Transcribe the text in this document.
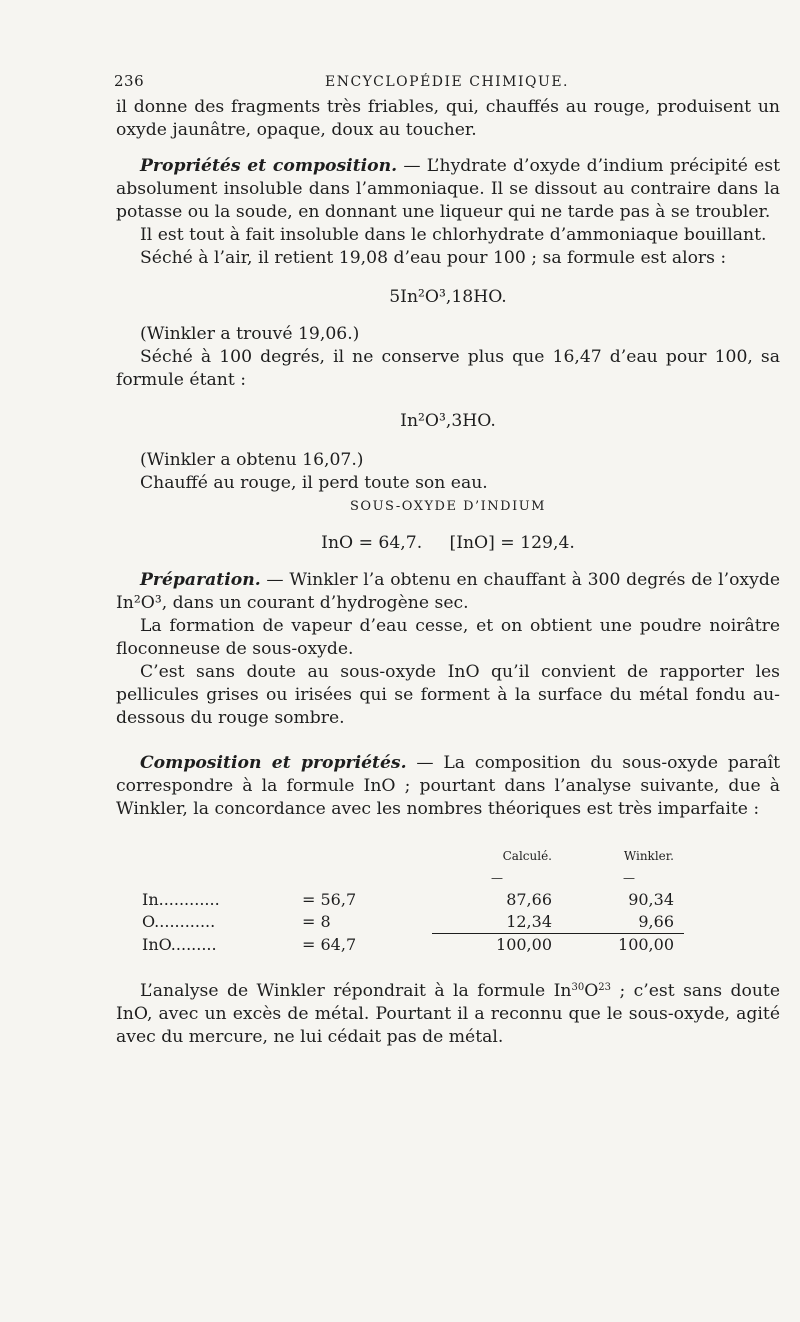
236	ENCYCLOPÉDIE CHIMIQUE.

il donne des fragments très friables, qui, chauffés au rouge, produisent un oxyde jaunâtre, opaque, doux au toucher.

Propriétés et composition. — L’hydrate d’oxyde d’indium précipité est absolument insoluble dans l’ammoniaque. Il se dissout au contraire dans la potasse ou la soude, en donnant une liqueur qui ne tarde pas à se troubler.

Il est tout à fait insoluble dans le chlorhydrate d’ammoniaque bouillant.

Séché à l’air, il retient 19,08 d’eau pour 100 ; sa formule est alors :

5In²O³,18HO.

(Winkler a trouvé 19,06.)

Séché à 100 degrés, il ne conserve plus que 16,47 d’eau pour 100, sa formule étant :

In²O³,3HO.

(Winkler a obtenu 16,07.)

Chauffé au rouge, il perd toute son eau.

SOUS-OXYDE D’INDIUM

InO = 64,7.     [InO] = 129,4.

Préparation. — Winkler l’a obtenu en chauffant à 300 degrés de l’oxyde In²O³, dans un courant d’hydrogène sec.

La formation de vapeur d’eau cesse, et on obtient une poudre noirâtre floconneuse de sous-oxyde.

C’est sans doute au sous-oxyde InO qu’il convient de rapporter les pellicules grises ou irisées qui se forment à la surface du métal fondu au-dessous du rouge sombre.

Composition et propriétés. — La composition du sous-oxyde paraît correspondre à la formule InO ; pourtant dans l’analyse suivante, due à Winkler, la concordance avec les nombres théoriques est très imparfaite :

		Calculé.	Winkler.
		—	—
In............	= 56,7	87,66	90,34
O............	= 8	12,34	9,66
InO.........	= 64,7	100,00	100,00

L’analyse de Winkler répondrait à la formule $In^{30}O^{23}$ ; c’est sans doute InO, avec un excès de métal. Pourtant il a reconnu que le sous-oxyde, agité avec du mercure, ne lui cédait pas de métal.
